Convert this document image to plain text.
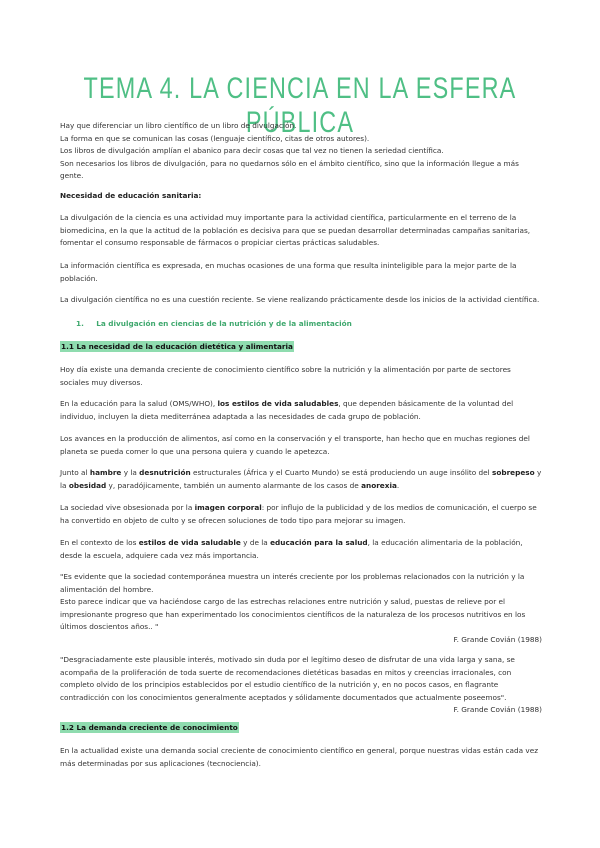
TEMA 4. LA CIENCIA EN LA ESFERA PÚBLICA

Hay que diferenciar un libro científico de un libro de divulgación.

La forma en que se comunican las cosas (lenguaje científico, citas de otros autores).

Los libros de divulgación amplían el abanico para decir cosas que tal vez no tienen la seriedad científica.

Son necesarios los libros de divulgación, para no quedarnos sólo en el ámbito científico, sino que la información llegue a más gente.

Necesidad de educación sanitaria:
La divulgación de la ciencia es una actividad muy importante para la actividad científica, particularmente en el terreno de la biomedicina, en la que la actitud de la población es decisiva para que se puedan desarrollar determinadas campañas sanitarias, fomentar el consumo responsable de fármacos o propiciar ciertas prácticas saludables.
La información científica es expresada, en muchas ocasiones de una forma que resulta ininteligible para la mejor parte de la población.
La divulgación científica no es una cuestión reciente. Se viene realizando prácticamente desde los inicios de la actividad científica.
1. La divulgación en ciencias de la nutrición y de la alimentación
1.1 La necesidad de la educación dietética y alimentaria
Hoy día existe una demanda creciente de conocimiento científico sobre la nutrición y la alimentación por parte de sectores sociales muy diversos.
En la educación para la salud (OMS/WHO), los estilos de vida saludables, que dependen básicamente de la voluntad del individuo, incluyen la dieta mediterránea adaptada a las necesidades de cada grupo de población.
Los avances en la producción de alimentos, así como en la conservación y el transporte, han hecho que en muchas regiones del planeta se pueda comer lo que una persona quiera y cuando le apetezca.
Junto al hambre y la desnutrición estructurales (África y el Cuarto Mundo) se está produciendo un auge insólito del sobrepeso y la obesidad y, paradójicamente, también un aumento alarmante de los casos de anorexia.
La sociedad vive obsesionada por la imagen corporal: por influjo de la publicidad y de los medios de comunicación, el cuerpo se ha convertido en objeto de culto y se ofrecen soluciones de todo tipo para mejorar su imagen.
En el contexto de los estilos de vida saludable y de la educación para la salud, la educación alimentaria de la población, desde la escuela, adquiere cada vez más importancia.

"Es evidente que la sociedad contemporánea muestra un interés creciente por los problemas relacionados con la nutrición y la alimentación del hombre.

Esto parece indicar que va haciéndose cargo de las estrechas relaciones entre nutrición y salud, puestas de relieve por el impresionante progreso que han experimentado los conocimientos científicos de la naturaleza de los procesos nutritivos en los últimos doscientos años.. "

F. Grande Covián (1988)

"Desgraciadamente este plausible interés, motivado sin duda por el legítimo deseo de disfrutar de una vida larga y sana, se acompaña de la proliferación de toda suerte de recomendaciones dietéticas basadas en mitos y creencias irracionales, con completo olvido de los principios establecidos por el estudio científico de la nutrición y, en no pocos casos, en flagrante contradicción con los conocimientos generalmente aceptados y sólidamente documentados que actualmente poseemos".

F. Grande Covián (1988)

1.2 La demanda creciente de conocimiento
En la actualidad existe una demanda social creciente de conocimiento científico en general, porque nuestras vidas están cada vez más determinadas por sus aplicaciones (tecnociencia).
